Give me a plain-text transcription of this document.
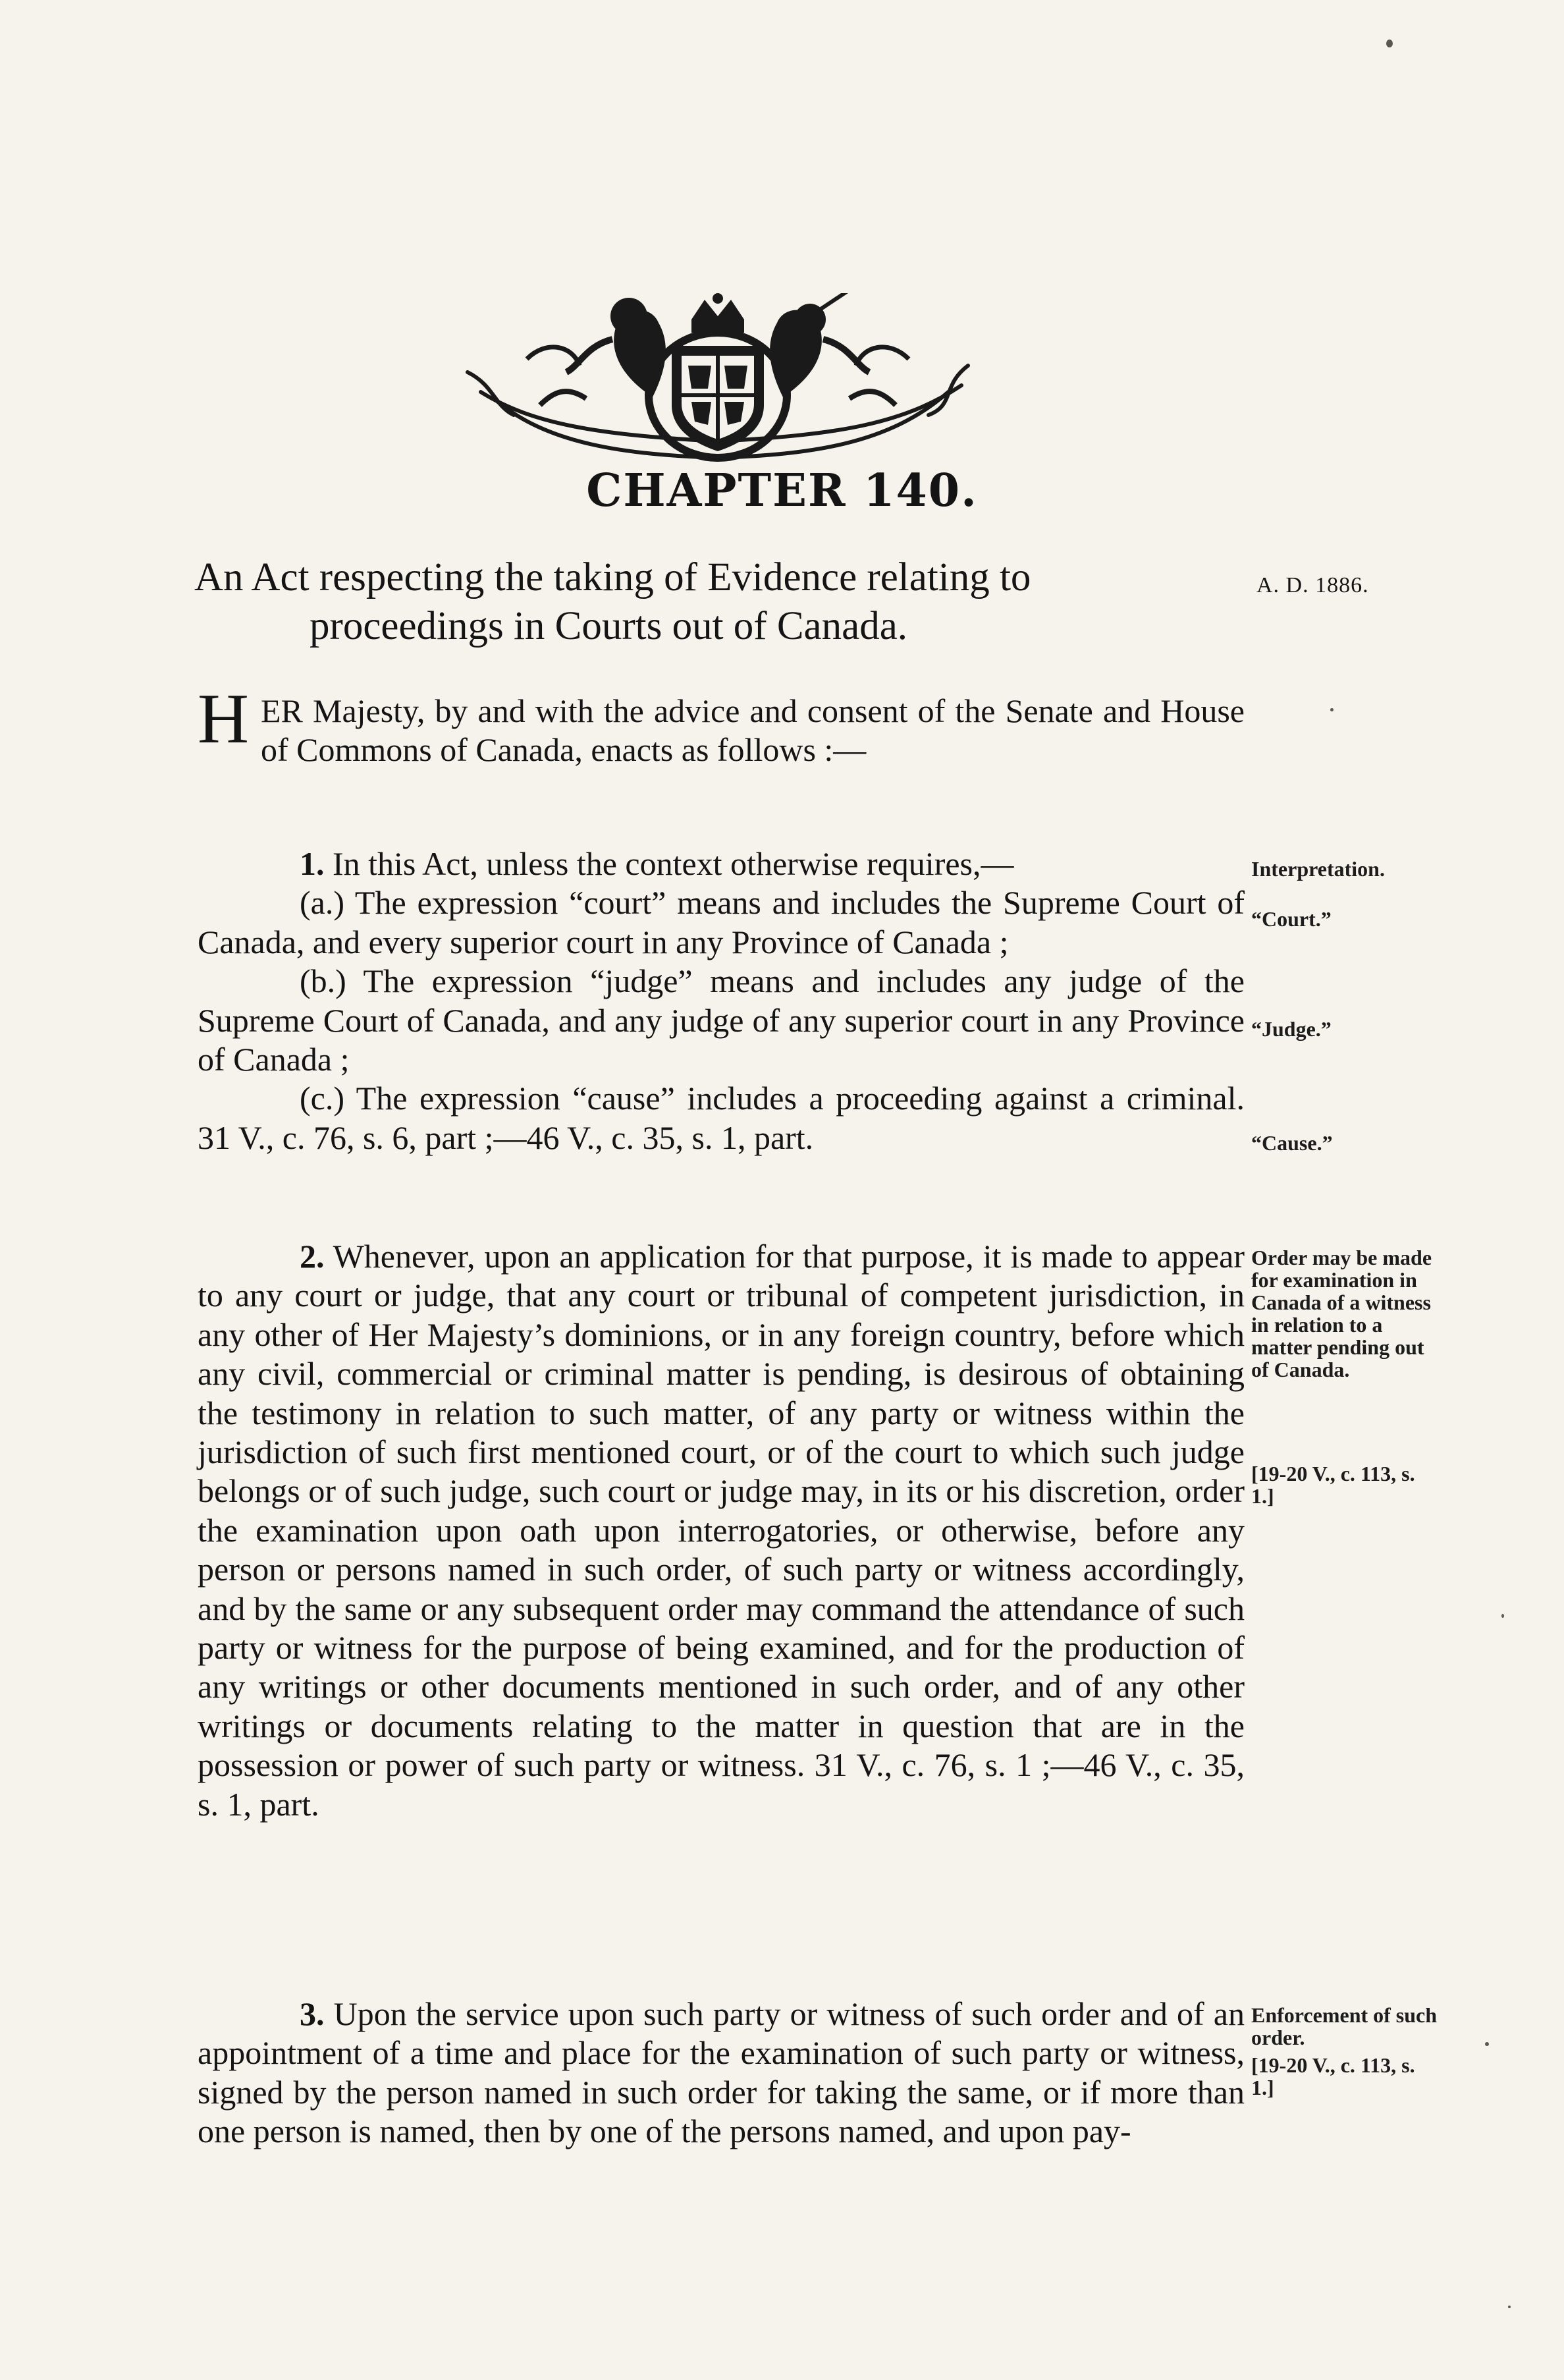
CHAPTER 140.
An Act respecting the taking of Evidence relating to
proceedings in Courts out of Canada.
A. D. 1886.
H ER Majesty, by and with the advice and consent of the Senate and House of Commons of Canada, enacts as follows :—

1. In this Act, unless the context otherwise requires,—

(a.) The expression “court” means and includes the Supreme Court of Canada, and every superior court in any Province of Canada ;

(b.) The expression “judge” means and includes any judge of the Supreme Court of Canada, and any judge of any superior court in any Province of Canada ;

(c.) The expression “cause” includes a proceeding against a criminal. 31 V., c. 76, s. 6, part ;—46 V., c. 35, s. 1, part.

2. Whenever, upon an application for that purpose, it is made to appear to any court or judge, that any court or tribunal of competent jurisdiction, in any other of Her Majesty’s dominions, or in any foreign country, before which any civil, commercial or criminal matter is pending, is desirous of obtaining the testimony in relation to such matter, of any party or witness within the jurisdiction of such first mentioned court, or of the court to which such judge belongs or of such judge, such court or judge may, in its or his discretion, order the examination upon oath upon interrogatories, or otherwise, before any person or persons named in such order, of such party or witness accordingly, and by the same or any subsequent order may command the attendance of such party or witness for the purpose of being examined, and for the production of any writings or other documents mentioned in such order, and of any other writings or documents relating to the matter in question that are in the possession or power of such party or witness. 31 V., c. 76, s. 1 ;—46 V., c. 35, s. 1, part.

3. Upon the service upon such party or witness of such order and of an appointment of a time and place for the examination of such party or witness, signed by the person named in such order for taking the same, or if more than one person is named, then by one of the persons named, and upon pay-

Interpretation.
“Court.”
“Judge.”
“Cause.”
Order may be made for examination in Canada of a witness in relation to a matter pending out of Canada.
[19-20 V., c. 113, s. 1.]
Enforcement of such order.
[19-20 V., c. 113, s. 1.]
